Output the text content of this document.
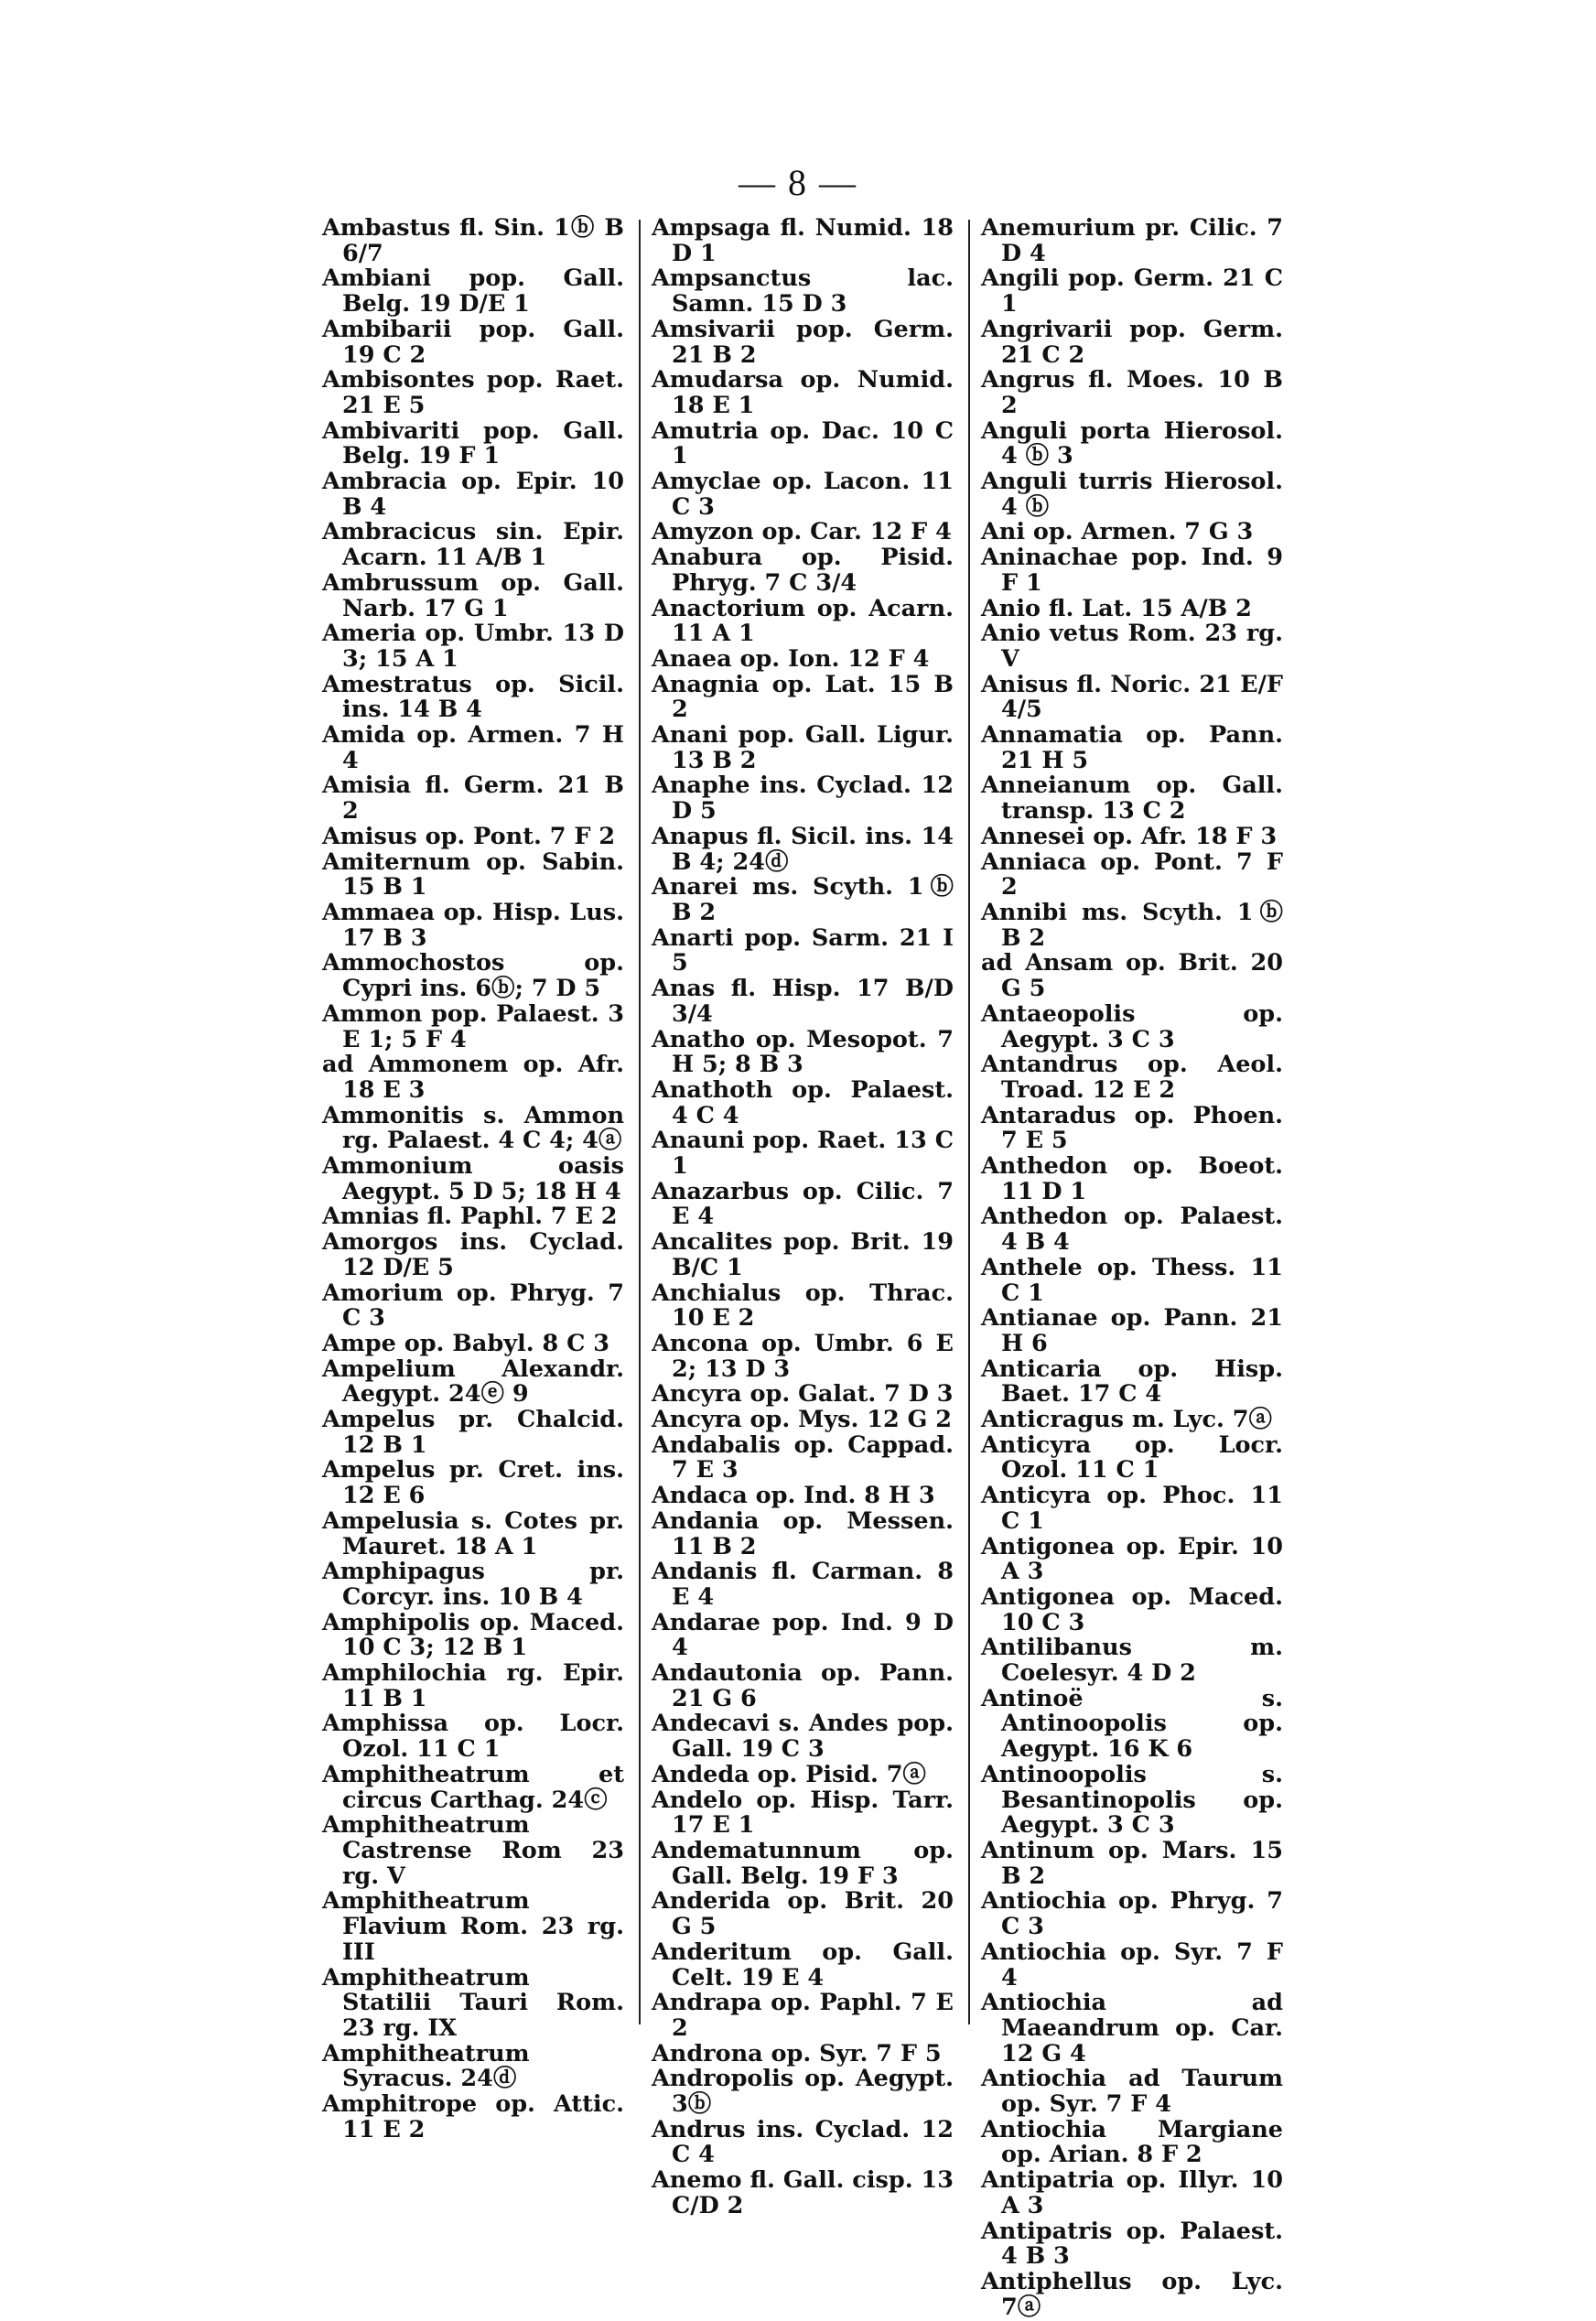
— 8 —
Ambastus fl. Sin. 1ⓑ B 6/7
Ambiani pop. Gall. Belg. 19 D/E 1
Ambibarii pop. Gall. 19 C 2
Ambisontes pop. Raet. 21 E 5
Ambivariti pop. Gall. Belg. 19 F 1
Ambracia op. Epir. 10 B 4
Ambracicus sin. Epir. Acarn. 11 A/B 1
Ambrussum op. Gall. Narb. 17 G 1
Ameria op. Umbr. 13 D 3; 15 A 1
Amestratus op. Sicil. ins. 14 B 4
Amida op. Armen. 7 H 4
Amisia fl. Germ. 21 B 2
Amisus op. Pont. 7 F 2
Amiternum op. Sabin. 15 B 1
Ammaea op. Hisp. Lus. 17 B 3
Ammochostos op. Cypri ins. 6ⓑ; 7 D 5
Ammon pop. Palaest. 3 E 1; 5 F 4
ad Ammonem op. Afr. 18 E 3
Ammonitis s. Ammon rg. Palaest. 4 C 4; 4ⓐ
Ammonium oasis Aegypt. 5 D 5; 18 H 4
Amnias fl. Paphl. 7 E 2
Amorgos ins. Cyclad. 12 D/E 5
Amorium op. Phryg. 7 C 3
Ampe op. Babyl. 8 C 3
Ampelium Alexandr. Aegypt. 24ⓔ 9
Ampelus pr. Chalcid. 12 B 1
Ampelus pr. Cret. ins. 12 E 6
Ampelusia s. Cotes pr. Mauret. 18 A 1
Amphipagus pr. Corcyr. ins. 10 B 4
Amphipolis op. Maced. 10 C 3; 12 B 1
Amphilochia rg. Epir. 11 B 1
Amphissa op. Locr. Ozol. 11 C 1
Amphitheatrum et circus Carthag. 24ⓒ
Amphitheatrum Castrense Rom 23 rg. V
Amphitheatrum Flavium Rom. 23 rg. III
Amphitheatrum Statilii Tauri Rom. 23 rg. IX
Amphitheatrum Syracus. 24ⓓ
Amphitrope op. Attic. 11 E 2
Ampsaga fl. Numid. 18 D 1
Ampsanctus lac. Samn. 15 D 3
Amsivarii pop. Germ. 21 B 2
Amudarsa op. Numid. 18 E 1
Amutria op. Dac. 10 C 1
Amyclae op. Lacon. 11 C 3
Amyzon op. Car. 12 F 4
Anabura op. Pisid. Phryg. 7 C 3/4
Anactorium op. Acarn. 11 A 1
Anaea op. Ion. 12 F 4
Anagnia op. Lat. 15 B 2
Anani pop. Gall. Ligur. 13 B 2
Anaphe ins. Cyclad. 12 D 5
Anapus fl. Sicil. ins. 14 B 4; 24ⓓ
Anarei ms. Scyth. 1ⓑ B 2
Anarti pop. Sarm. 21 I 5
Anas fl. Hisp. 17 B/D 3/4
Anatho op. Mesopot. 7 H 5; 8 B 3
Anathoth op. Palaest. 4 C 4
Anauni pop. Raet. 13 C 1
Anazarbus op. Cilic. 7 E 4
Ancalites pop. Brit. 19 B/C 1
Anchialus op. Thrac. 10 E 2
Ancona op. Umbr. 6 E 2; 13 D 3
Ancyra op. Galat. 7 D 3
Ancyra op. Mys. 12 G 2
Andabalis op. Cappad. 7 E 3
Andaca op. Ind. 8 H 3
Andania op. Messen. 11 B 2
Andanis fl. Carman. 8 E 4
Andarae pop. Ind. 9 D 4
Andautonia op. Pann. 21 G 6
Andecavi s. Andes pop. Gall. 19 C 3
Andeda op. Pisid. 7ⓐ
Andelo op. Hisp. Tarr. 17 E 1
Andematunnum op. Gall. Belg. 19 F 3
Anderida op. Brit. 20 G 5
Anderitum op. Gall. Celt. 19 E 4
Andrapa op. Paphl. 7 E 2
Androna op. Syr. 7 F 5
Andropolis op. Aegypt. 3ⓑ
Andrus ins. Cyclad. 12 C 4
Anemo fl. Gall. cisp. 13 C/D 2
Anemurium pr. Cilic. 7 D 4
Angili pop. Germ. 21 C 1
Angrivarii pop. Germ. 21 C 2
Angrus fl. Moes. 10 B 2
Anguli porta Hierosol. 4 ⓑ 3
Anguli turris Hierosol. 4 ⓑ
Ani op. Armen. 7 G 3
Aninachae pop. Ind. 9 F 1
Anio fl. Lat. 15 A/B 2
Anio vetus Rom. 23 rg. V
Anisus fl. Noric. 21 E/F 4/5
Annamatia op. Pann. 21 H 5
Anneianum op. Gall. transp. 13 C 2
Annesei op. Afr. 18 F 3
Anniaca op. Pont. 7 F 2
Annibi ms. Scyth. 1ⓑ B 2
ad Ansam op. Brit. 20 G 5
Antaeopolis op. Aegypt. 3 C 3
Antandrus op. Aeol. Troad. 12 E 2
Antaradus op. Phoen. 7 E 5
Anthedon op. Boeot. 11 D 1
Anthedon op. Palaest. 4 B 4
Anthele op. Thess. 11 C 1
Antianae op. Pann. 21 H 6
Anticaria op. Hisp. Baet. 17 C 4
Anticragus m. Lyc. 7ⓐ
Anticyra op. Locr. Ozol. 11 C 1
Anticyra op. Phoc. 11 C 1
Antigonea op. Epir. 10 A 3
Antigonea op. Maced. 10 C 3
Antilibanus m. Coelesyr. 4 D 2
Antinoë s. Antinoopolis op. Aegypt. 16 K 6
Antinoopolis s. Besantinopolis op. Aegypt. 3 C 3
Antinum op. Mars. 15 B 2
Antiochia op. Phryg. 7 C 3
Antiochia op. Syr. 7 F 4
Antiochia ad Maeandrum op. Car. 12 G 4
Antiochia ad Taurum op. Syr. 7 F 4
Antiochia Margiane op. Arian. 8 F 2
Antipatria op. Illyr. 10 A 3
Antipatris op. Palaest. 4 B 3
Antiphellus op. Lyc. 7ⓐ
